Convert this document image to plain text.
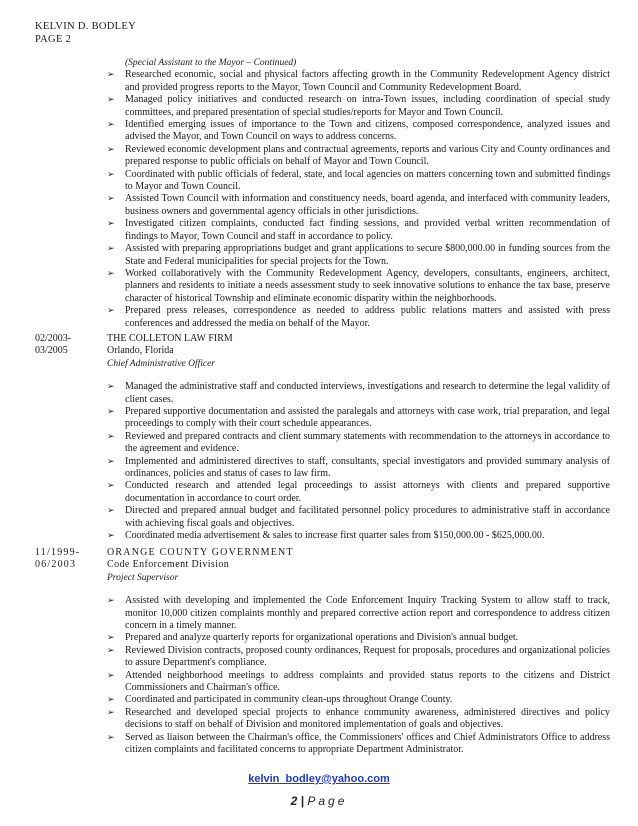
KELVIN D. BODLEY
PAGE 2
(Special Assistant to the Mayor – Continued)
➢ Researched economic, social and physical factors affecting growth in the Community Redevelopment Agency district and provided progress reports to the Mayor, Town Council and Community Redevelopment Board.
➢ Managed policy initiatives and conducted research on intra-Town issues, including coordination of special study committees, and prepared presentation of special studies/reports for Mayor and Town Council.
➢ Identified emerging issues of importance to the Town and citizens, composed correspondence, analyzed issues and advised the Mayor, and Town Council on ways to address concerns.
➢ Reviewed economic development plans and contractual agreements, reports and various City and County ordinances and prepared response to public officials on behalf of Mayor and Town Council.
➢ Coordinated with public officials of federal, state, and local agencies on matters concerning town and submitted findings to Mayor and Town Council.
➢ Assisted Town Council with information and constituency needs, board agenda, and interfaced with community leaders, business owners and governmental agency officials in other jurisdictions.
➢ Investigated citizen complaints, conducted fact finding sessions, and provided verbal written recommendation of findings to Mayor, Town Council and staff in accordance to policy.
➢ Assisted with preparing appropriations budget and grant applications to secure $800,000.00 in funding sources from the State and Federal municipalities for special projects for the Town.
➢ Worked collaboratively with the Community Redevelopment Agency, developers, consultants, engineers, architect, planners and residents to initiate a needs assessment study to seek innovative solutions to enhance the tax base, preserve character of historical Township and eliminate economic disparity within the neighborhoods.
➢ Prepared press releases, correspondence as needed to address public relations matters and assisted with press conferences and addressed the media on behalf of the Mayor.
02/2003-
03/2005
THE COLLETON LAW FIRM
Orlando, Florida
Chief Administrative Officer
➢ Managed the administrative staff and conducted interviews, investigations and research to determine the legal validity of client cases.
➢ Prepared supportive documentation and assisted the paralegals and attorneys with case work, trial preparation, and legal proceedings to comply with their court schedule appearances.
➢ Reviewed and prepared contracts and client summary statements with recommendation to the attorneys in accordance to the agreement and evidence.
➢ Implemented and administered directives to staff, consultants, special investigators and provided summary analysis of ordinances, policies and status of cases to law firm.
➢ Conducted research and attended legal proceedings to assist attorneys with clients and prepared supportive documentation in accordance to court order.
➢ Directed and prepared annual budget and facilitated personnel policy procedures to administrative staff in accordance with achieving fiscal goals and objectives.
➢ Coordinated media advertisement & sales to increase first quarter sales from $150,000.00 - $625,000.00.
11/1999-
06/2003
ORANGE COUNTY GOVERNMENT
Code Enforcement Division
Project Supervisor
➢ Assisted with developing and implemented the Code Enforcement Inquiry Tracking System to allow staff to track, monitor 10,000 citizen complaints monthly and prepared corrective action report and correspondence to address citizen concern in a timely manner.
➢ Prepared and analyze quarterly reports for organizational operations and Division's annual budget.
➢ Reviewed Division contracts, proposed county ordinances, Request for proposals, procedures and organizational policies to assure Department's compliance.
➢ Attended neighborhood meetings to address complaints and provided status reports to the citizens and District Commissioners and Chairman's office.
➢ Coordinated and participated in community clean-ups throughout Orange County.
➢ Researched and developed special projects to enhance community awareness, administered directives and policy decisions to staff on behalf of Division and monitored implementation of goals and objectives.
➢ Served as liaison between the Chairman's office, the Commissioners' offices and Chief Administrators Office to address citizen complaints and facilitated concerns to appropriate Department Administrator.
kelvin_bodley@yahoo.com
2 | Page
